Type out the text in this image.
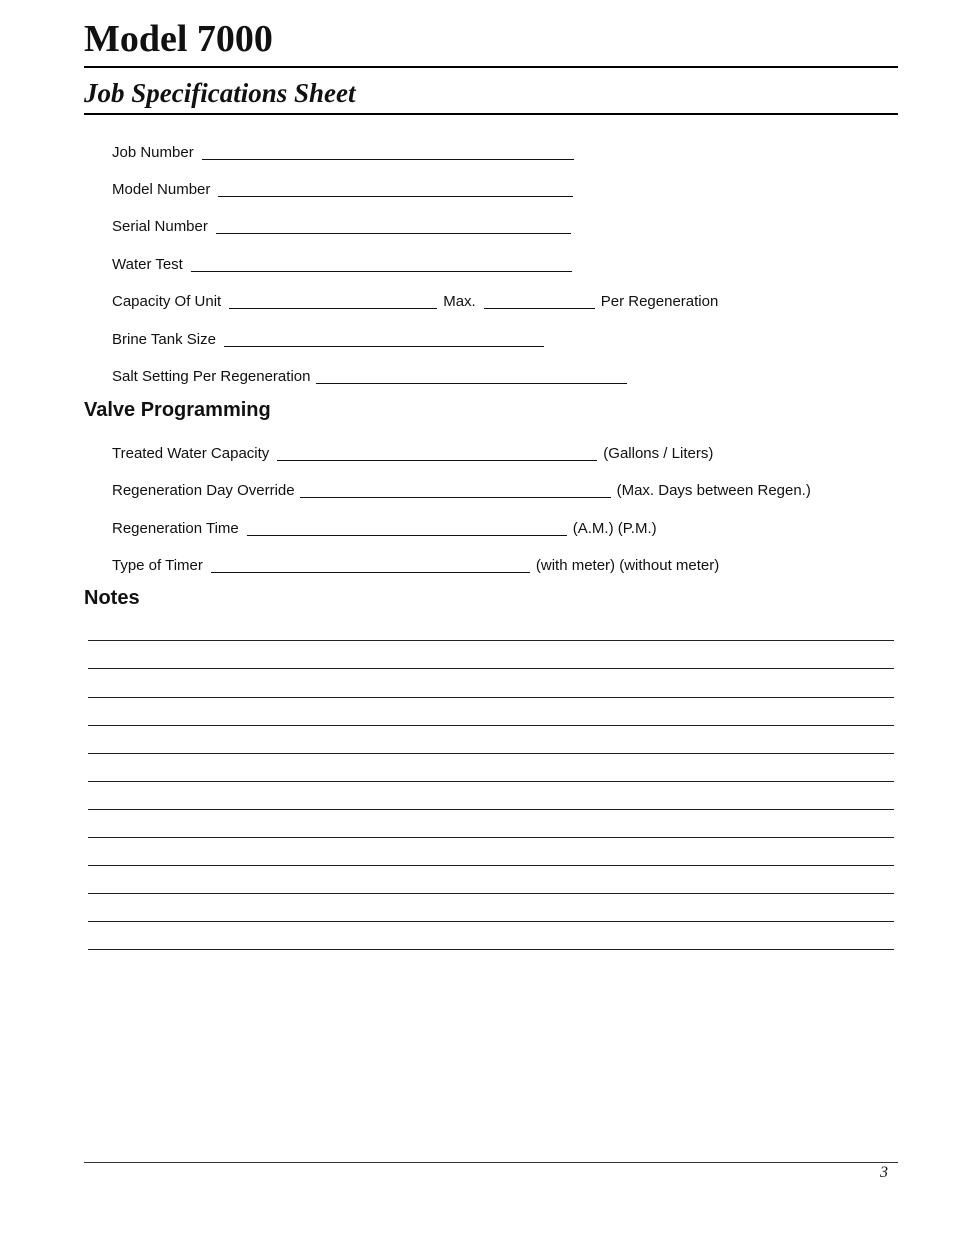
Model 7000
Job Specifications Sheet
Job Number
Model Number
Serial Number
Water Test
Capacity Of Unit	Max.	Per Regeneration
Brine Tank Size
Salt Setting Per Regeneration
Valve Programming
Treated Water Capacity	(Gallons / Liters)
Regeneration Day Override	(Max. Days between Regen.)
Regeneration Time	(A.M.) (P.M.)
Type of Timer	(with meter) (without meter)
Notes
3
